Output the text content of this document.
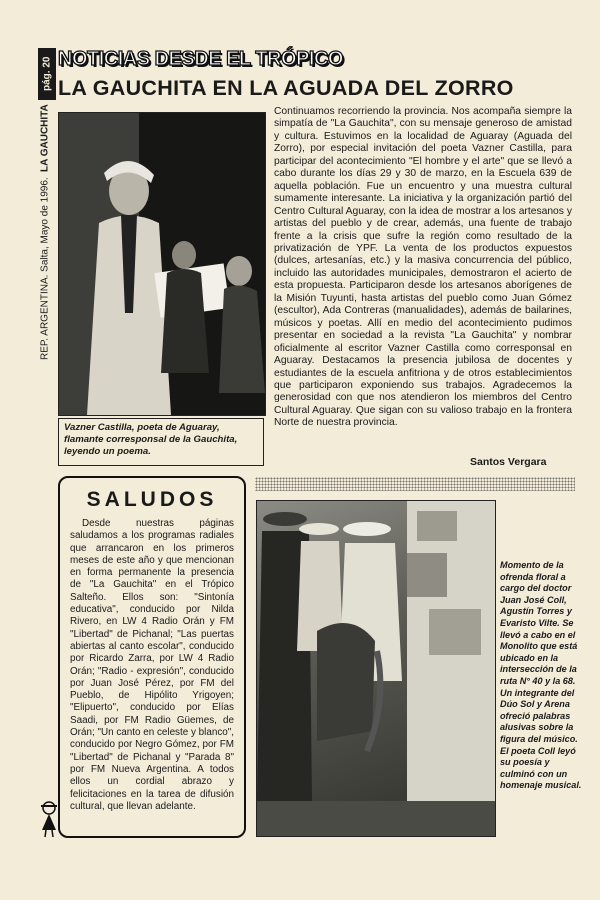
pág. 20
REP. ARGENTINA. Salta, Mayo de 1996.
LA GAUCHITA
NOTICIAS DESDE EL TRÓPICO
LA GAUCHITA EN LA AGUADA DEL ZORRO
Vazner Castilla, poeta de Aguaray, flamante corresponsal de la Gauchita, leyendo un poema.
Continuamos recorriendo la provincia. Nos acompaña siempre la simpatía de "La Gauchita", con su mensaje generoso de amistad y cultura. Estuvimos en la localidad de Aguaray (Aguada del Zorro), por especial invitación del poeta Vazner Castilla, para participar del acontecimiento "El hombre y el arte" que se llevó a cabo durante los días 29 y 30 de marzo, en la Escuela 639 de aquella población. Fue un encuentro y una muestra cultural sumamente interesante. La iniciativa y la organización partió del Centro Cultural Aguaray, con la idea de mostrar a los artesanos y artistas del pueblo y de crear, además, una fuente de trabajo frente a la crisis que sufre la región como resultado de la privatización de YPF. La venta de los productos expuestos (dulces, artesanías, etc.) y la masiva concurrencia del público, incluido las autoridades municipales, demostraron el acierto de esta propuesta. Participaron desde los artesanos aborígenes de la Misión Tuyunti, hasta artistas del pueblo como Juan Gómez (escultor), Ada Contreras (manualidades), además de bailarines, músicos y poetas. Allí en medio del acontecimiento pudimos presentar en sociedad a la revista "La Gauchita" y nombrar oficialmente al escritor Vazner Castilla como corresponsal en Aguaray. Destacamos la presencia jubilosa de docentes y estudiantes de la escuela anfitriona y de otros establecimientos que participaron exponiendo sus trabajos. Agradecemos la generosidad con que nos atendieron los miembros del Centro Cultural Aguaray. Que sigan con su valioso trabajo en la frontera Norte de nuestra provincia.
Santos Vergara
SALUDOS
Desde nuestras páginas saludamos a los programas radiales que arrancaron en los primeros meses de este año y que mencionan en forma permanente la presencia de "La Gauchita" en el Trópico Salteño. Ellos son: "Sintonía educativa", conducido por Nilda Rivero, en LW 4 Radio Orán y FM "Libertad" de Pichanal; "Las puertas abiertas al canto escolar", conducido por Ricardo Zarra, por LW 4 Radio Orán; "Radio - expresión", conducido por Juan José Pérez, por FM del Pueblo, de Hipólito Yrigoyen; "Elipuerto", conducido por Elías Saadi, por FM Radio Güemes, de Orán; "Un canto en celeste y blanco", conducido por Negro Gómez, por FM "Libertad" de Pichanal y "Parada 8" por FM Nueva Argentina. A todos ellos un cordial abrazo y felicitaciones en la tarea de difusión cultural, que llevan adelante.
Momento de la ofrenda floral a cargo del doctor Juan José Coll, Agustín Torres y Evaristo Vilte. Se llevó a cabo en el Monolito que está ubicado en la intersección de la ruta N° 40 y la 68. Un integrante del Dúo Sol y Arena ofreció palabras alusivas sobre la figura del músico. El poeta Coll leyó su poesía y culminó con un homenaje musical.
